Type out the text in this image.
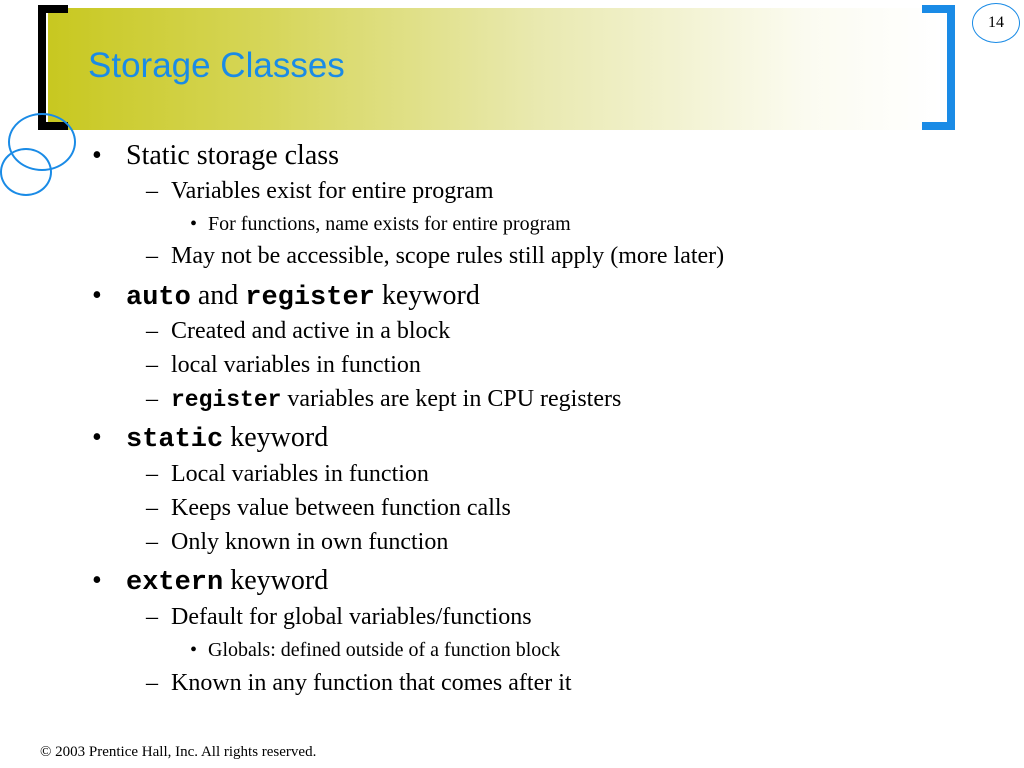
14
Storage Classes
• Static storage class
– Variables exist for entire program
• For functions, name exists for entire program
– May not be accessible, scope rules still apply (more later)
• auto and register keyword
– Created and active in a block
– local variables in function
– register variables are kept in CPU registers
• static keyword
– Local variables in function
– Keeps value between function calls
– Only known in own function
• extern keyword
– Default for global variables/functions
• Globals: defined outside of a function block
– Known in any function that comes after it
© 2003 Prentice Hall, Inc. All rights reserved.
